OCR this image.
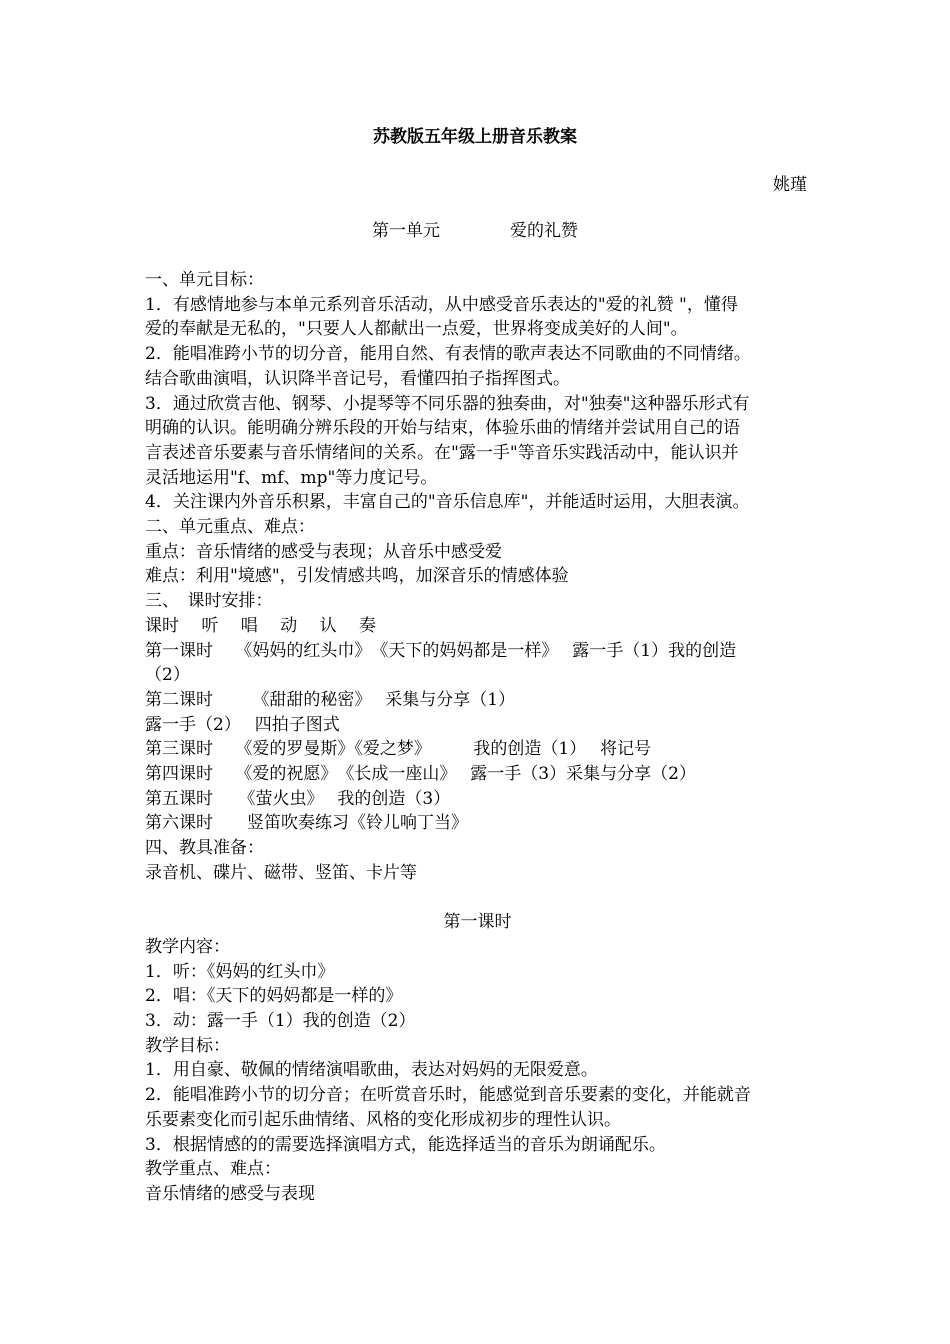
苏教版五年级上册音乐教案
姚瑾
第一单元	爱的礼赞

一、单元目标：

1．有感情地参与本单元系列音乐活动，从中感受音乐表达的"爱的礼赞 "，懂得

爱的奉献是无私的，"只要人人都献出一点爱，世界将变成美好的人间"。

2．能唱准跨小节的切分音，能用自然、有表情的歌声表达不同歌曲的不同情绪。

结合歌曲演唱，认识降半音记号，看懂四拍子指挥图式。

3．通过欣赏吉他、钢琴、小提琴等不同乐器的独奏曲，对"独奏"这种器乐形式有

明确的认识。能明确分辨乐段的开始与结束，体验乐曲的情绪并尝试用自己的语

言表述音乐要素与音乐情绪间的关系。在"露一手"等音乐实践活动中，能认识并

灵活地运用"f、mf、mp"等力度记号。

4．关注课内外音乐积累，丰富自己的"音乐信息库"，并能适时运用，大胆表演。

二、单元重点、难点：

重点：音乐情绪的感受与表现；从音乐中感受爱

难点：利用"境感"，引发情感共鸣，加深音乐的情感体验

三、　课时安排：

课时　 听　 唱　 动　 认　 奏

第一课时　 《妈妈的红头巾》　《天下的妈妈都是一样》　 露一手（1）我的创造

（2）

第二课时　　 《甜甜的秘密》　 采集与分享（1）

露一手（2）　 四拍子图式

第三课时　 《爱的罗曼斯》《爱之梦》　　　我的创造（1）　 将记号

第四课时　 《爱的祝愿》　《长成一座山》　 露一手（3）采集与分享（2）

第五课时　　《萤火虫》　 我的创造（3）

第六课时　　竖笛吹奏练习《铃儿响丁当》

四、教具准备：

录音机、碟片、磁带、竖笛、卡片等

第一课时

教学内容：

1．听：《妈妈的红头巾》

2．唱：《天下的妈妈都是一样的》

3．动：露一手（1）我的创造（2）

教学目标：

1．用自豪、敬佩的情绪演唱歌曲，表达对妈妈的无限爱意。

2．能唱准跨小节的切分音；在听赏音乐时，能感觉到音乐要素的变化，并能就音

乐要素变化而引起乐曲情绪、风格的变化形成初步的理性认识。

3．根据情感的的需要选择演唱方式，能选择适当的音乐为朗诵配乐。

教学重点、难点：

音乐情绪的感受与表现
